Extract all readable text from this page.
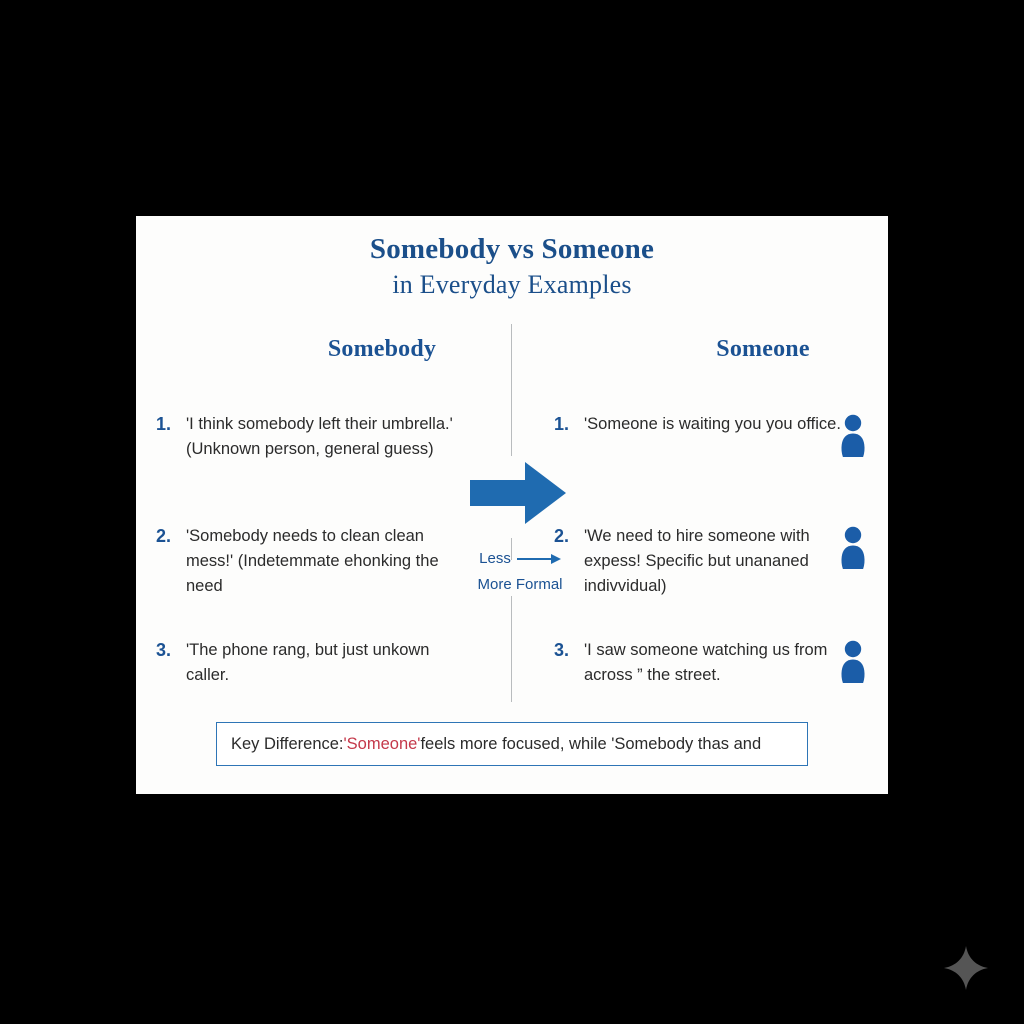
Somebody vs Someone
in Everyday Examples
Somebody	Someone
1. 'I think somebody left their umbrella.' (Unknown person, general guess)
2. 'Somebody needs to clean clean mess!' (Indetemmate ehonking the need
3. 'The phone rang, but just unkown caller.
1. 'Someone is waiting you you office.
2. 'We need to hire someone with expess! Specific but unananed indivvidual)
3. 'I saw someone watching us from across ” the street.
Less
More Formal
Key Difference: 'Someone' feels more focused, while 'Somebody thas and
